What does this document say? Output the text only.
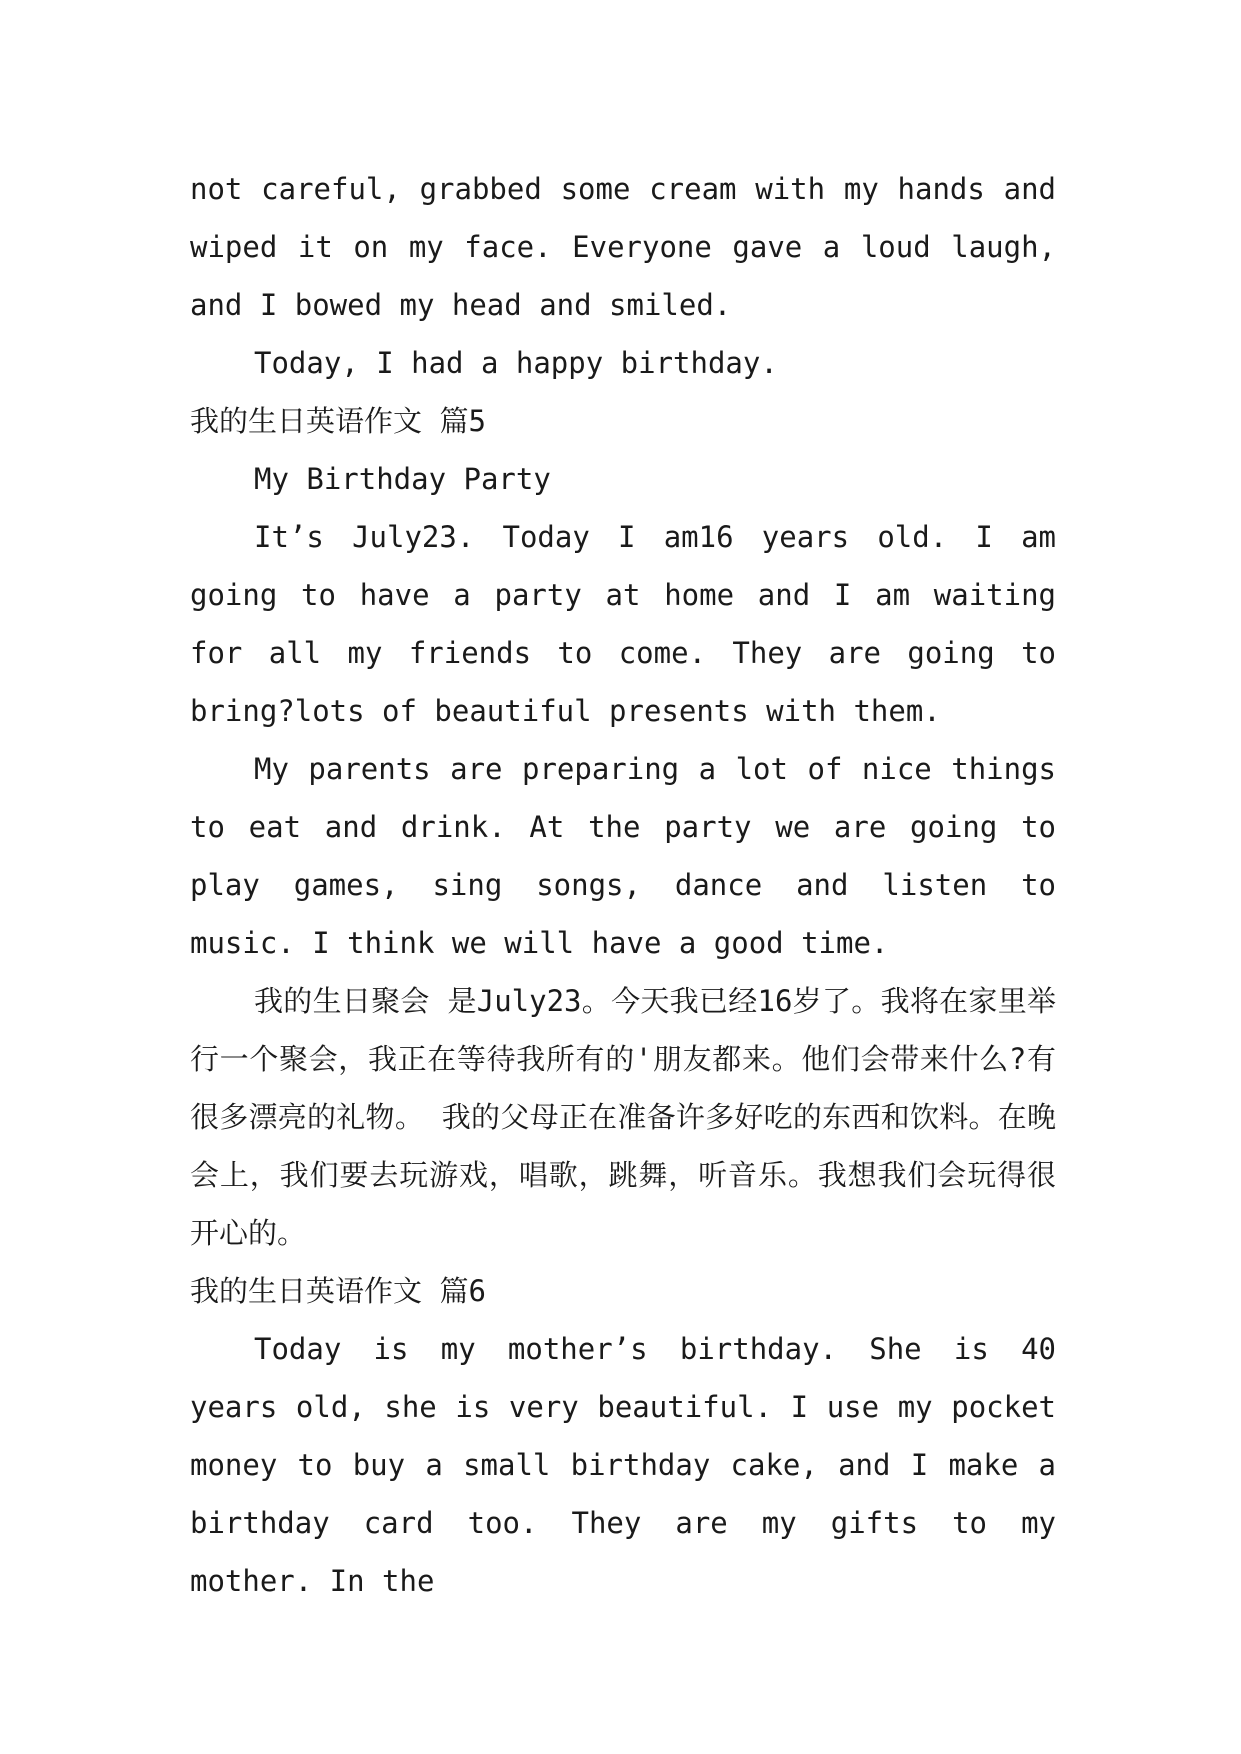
not careful, grabbed some cream with my hands and wiped it on my face. Everyone gave a loud laugh, and I bowed my head and smiled.

Today, I had a happy birthday.

我的生日英语作文 篇5

My Birthday Party

It’s July23. Today I am16 years old. I am going to have a party at home and I am waiting for all my friends to come. They are going to bring?lots of beautiful presents with them.

My parents are preparing a lot of nice things to eat and drink. At the party we are going to play games, sing songs, dance and listen to music. I think we will have a good time.

我的生日聚会 是July23。今天我已经16岁了。我将在家里举行一个聚会，我正在等待我所有的'朋友都来。他们会带来什么?有很多漂亮的礼物。 我的父母正在准备许多好吃的东西和饮料。在晚会上，我们要去玩游戏，唱歌，跳舞，听音乐。我想我们会玩得很开心的。

我的生日英语作文 篇6

Today is my mother’s birthday. She is 40 years old, she is very beautiful. I use my pocket money to buy a small birthday cake, and I make a birthday card too. They are my gifts to my mother. In the
